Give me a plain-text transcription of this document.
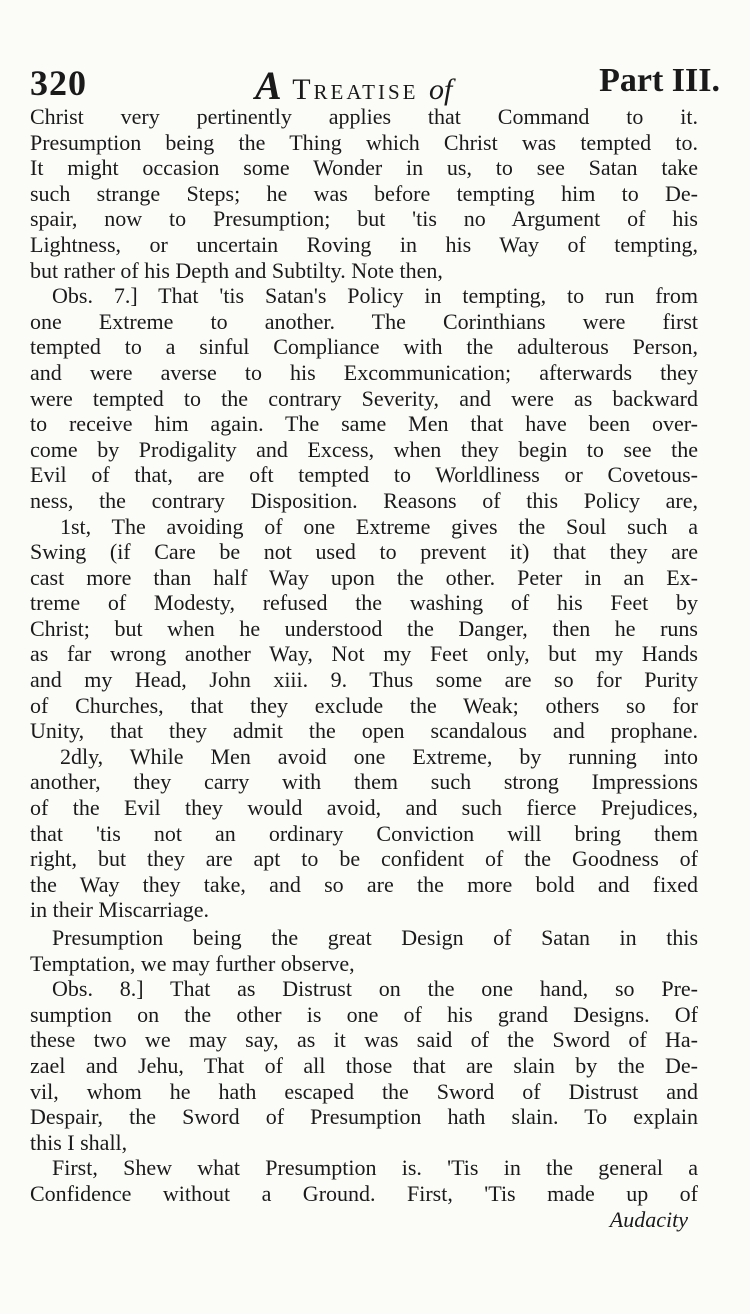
320	A Treatise of	Part III.
Christ very pertinently applies that Command to it.
Presumption being the Thing which Christ was tempted to.
It might occasion some Wonder in us, to see Satan take
such strange Steps; he was before tempting him to De-
spair, now to Presumption; but 'tis no Argument of his
Lightness, or uncertain Roving in his Way of tempting,
but rather of his Depth and Subtilty. Note then,
Obs. 7.] That 'tis Satan's Policy in tempting, to run from
one Extreme to another. The Corinthians were first
tempted to a sinful Compliance with the adulterous Person,
and were averse to his Excommunication; afterwards they
were tempted to the contrary Severity, and were as backward
to receive him again. The same Men that have been over-
come by Prodigality and Excess, when they begin to see the
Evil of that, are oft tempted to Worldliness or Covetous-
ness, the contrary Disposition. Reasons of this Policy are,
1st, The avoiding of one Extreme gives the Soul such a
Swing (if Care be not used to prevent it) that they are
cast more than half Way upon the other. Peter in an Ex-
treme of Modesty, refused the washing of his Feet by
Christ; but when he understood the Danger, then he runs
as far wrong another Way, Not my Feet only, but my Hands
and my Head, John xiii. 9. Thus some are so for Purity
of Churches, that they exclude the Weak; others so for
Unity, that they admit the open scandalous and prophane.
2dly, While Men avoid one Extreme, by running into
another, they carry with them such strong Impressions
of the Evil they would avoid, and such fierce Prejudices,
that 'tis not an ordinary Conviction will bring them
right, but they are apt to be confident of the Goodness of
the Way they take, and so are the more bold and fixed
in their Miscarriage.
Presumption being the great Design of Satan in this
Temptation, we may further observe,
Obs. 8.] That as Distrust on the one hand, so Pre-
sumption on the other is one of his grand Designs. Of
these two we may say, as it was said of the Sword of Ha-
zael and Jehu, That of all those that are slain by the De-
vil, whom he hath escaped the Sword of Distrust and
Despair, the Sword of Presumption hath slain. To explain
this I shall,
First, Shew what Presumption is. 'Tis in the general a
Confidence without a Ground. First, 'Tis made up of
Audacity
